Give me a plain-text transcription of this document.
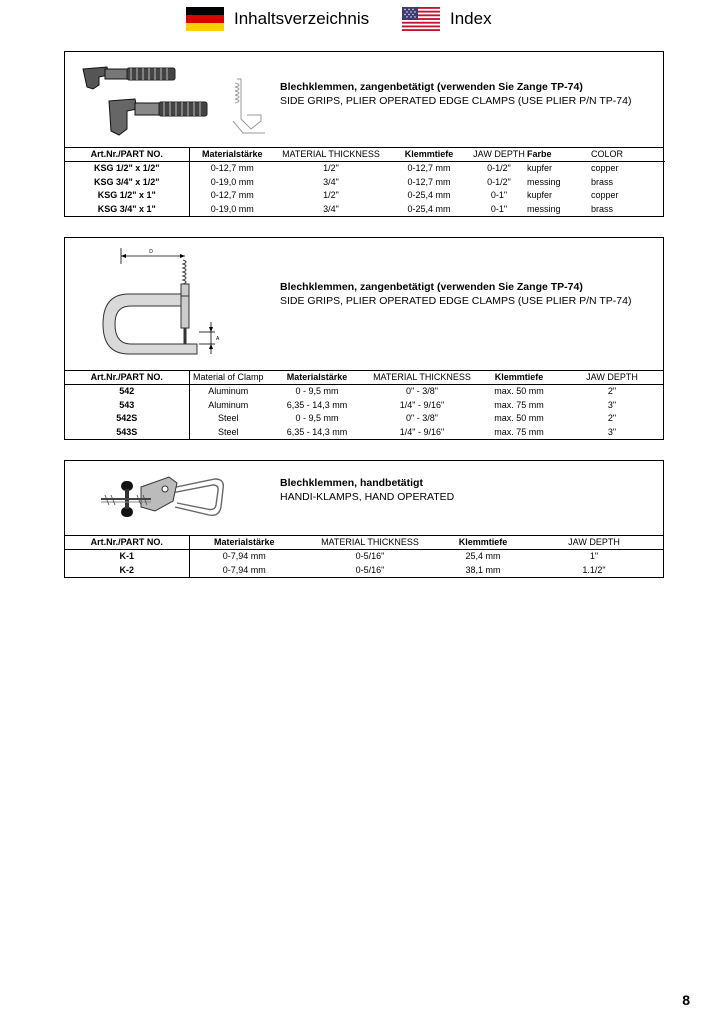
Inhaltsverzeichnis	Index
Blechklemmen, zangenbetätigt (verwenden Sie Zange TP-74)
SIDE GRIPS, PLIER OPERATED EDGE CLAMPS (USE PLIER P/N TP-74)
Art.Nr./PART NO.	Materialstärke	MATERIAL THICKNESS	Klemmtiefe	JAW DEPTH	Farbe	COLOR
KSG 1/2" x 1/2"	0-12,7 mm	1/2"	0-12,7 mm	0-1/2"	kupfer	copper
KSG 3/4" x 1/2"	0-19,0 mm	3/4"	0-12,7 mm	0-1/2"	messing	brass
KSG 1/2" x 1"	0-12,7 mm	1/2"	0-25,4 mm	0-1"	kupfer	copper
KSG 3/4" x 1"	0-19,0 mm	3/4"	0-25,4 mm	0-1"	messing	brass
D
A
Blechklemmen, zangenbetätigt (verwenden Sie Zange TP-74)
SIDE GRIPS, PLIER OPERATED EDGE CLAMPS (USE PLIER P/N TP-74)
Art.Nr./PART NO.	Material of Clamp	Materialstärke	MATERIAL THICKNESS	Klemmtiefe	JAW DEPTH
542	Aluminum	0 - 9,5 mm	0" - 3/8"	max. 50 mm	2"
543	Aluminum	6,35 - 14,3 mm	1/4" - 9/16"	max. 75 mm	3"
542S	Steel	0 - 9,5 mm	0" - 3/8"	max. 50 mm	2"
543S	Steel	6,35 - 14,3 mm	1/4" - 9/16"	max. 75 mm	3"
Blechklemmen, handbetätigt
HANDI-KLAMPS, HAND OPERATED
Art.Nr./PART NO.	Materialstärke	MATERIAL THICKNESS	Klemmtiefe	JAW DEPTH
K-1	0-7,94 mm	0-5/16"	25,4 mm	1"
K-2	0-7,94 mm	0-5/16"	38,1 mm	1.1/2"
8
